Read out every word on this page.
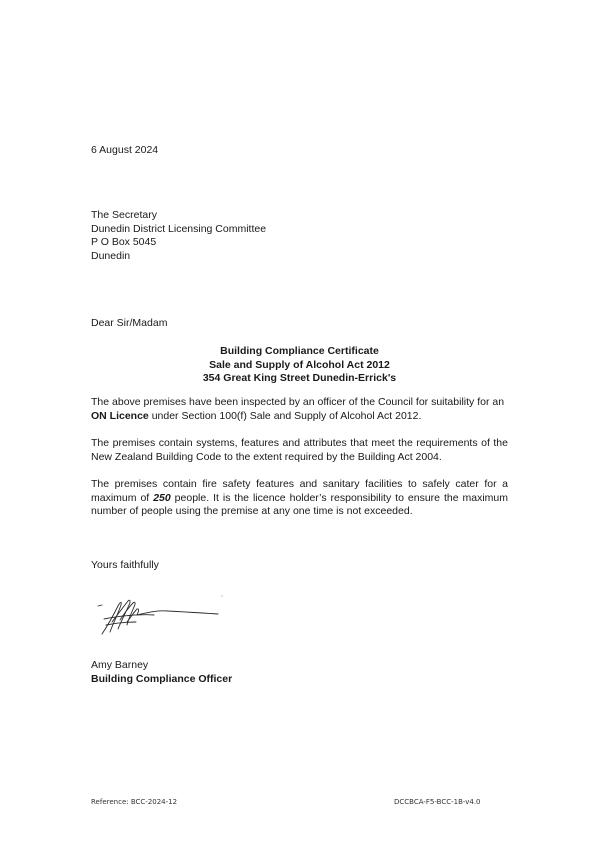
6 August 2024
The Secretary
Dunedin District Licensing Committee
P O Box 5045
Dunedin
Dear Sir/Madam
Building Compliance Certificate
Sale and Supply of Alcohol Act 2012
354 Great King Street Dunedin-Errick's
The above premises have been inspected by an officer of the Council for suitability for an
ON Licence under Section 100(f) Sale and Supply of Alcohol Act 2012.
The premises contain systems, features and attributes that meet the requirements of the New Zealand Building Code to the extent required by the Building Act 2004.
The premises contain fire safety features and sanitary facilities to safely cater for a maximum of 250 people. It is the licence holder’s responsibility to ensure the maximum number of people using the premise at any one time is not exceeded.
Yours faithfully
Amy Barney
Building Compliance Officer
Reference: BCC-2024-12	DCCBCA-F5-BCC-1B-v4.0
